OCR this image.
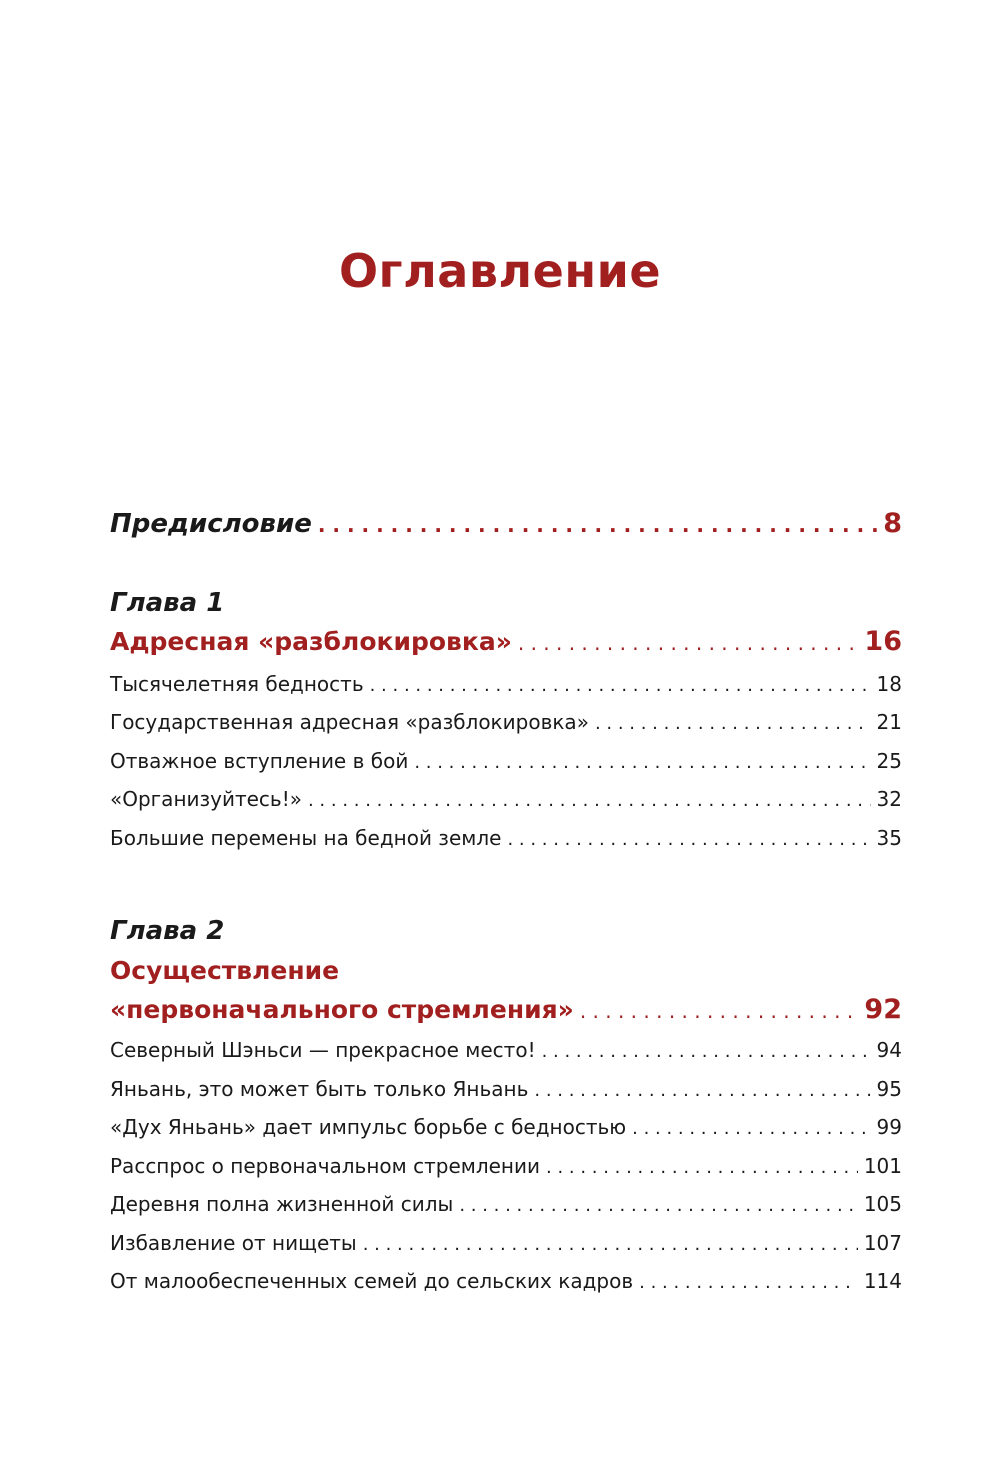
Оглавление
Предисловие . . .	8
Глава 1
Адресная «разблокировка» . . .	16
Тысячелетняя бедность . . .	18
Государственная адресная «разблокировка» . . .	21
Отважное вступление в бой . . .	25
«Организуйтесь!» . . .	32
Большие перемены на бедной земле . . .	35
Глава 2
Осуществление
«первоначального стремления» . . .	92
Северный Шэньси — прекрасное место! . . .	94
Яньань, это может быть только Яньань . . .	95
«Дух Яньань» дает импульс борьбе с бедностью . . .	99
Расспрос о первоначальном стремлении . . .	101
Деревня полна жизненной силы . . .	105
Избавление от нищеты . . .	107
От малообеспеченных семей до сельских кадров . . .	114
